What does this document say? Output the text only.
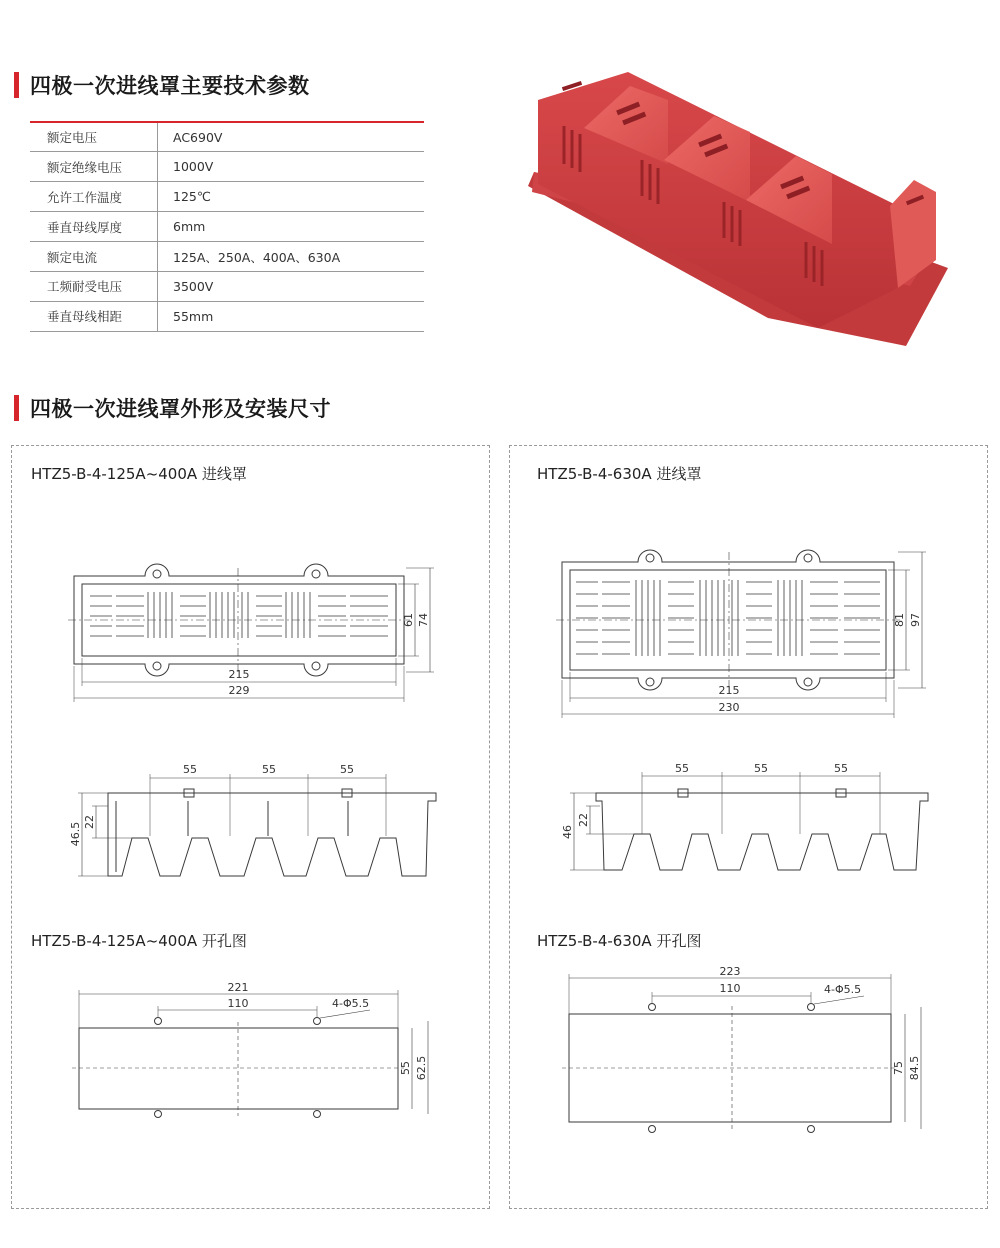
四极一次进线罩主要技术参数
额定电压	AC690V
额定绝缘电压	1000V
允许工作温度	125℃
垂直母线厚度	6mm
额定电流	125A、250A、400A、630A
工频耐受电压	3500V
垂直母线相距	55mm
四极一次进线罩外形及安装尺寸
HTZ5-B-4-125A~400A 进线罩
215
229
61 74
55	55	55
22
46.5
HTZ5-B-4-125A~400A 开孔图
221
110	4-Φ5.5
55 62.5
HTZ5-B-4-630A 进线罩
215
230
81 97
55	55	55
22
46
HTZ5-B-4-630A 开孔图
223
110	4-Φ5.5
75 84.5
